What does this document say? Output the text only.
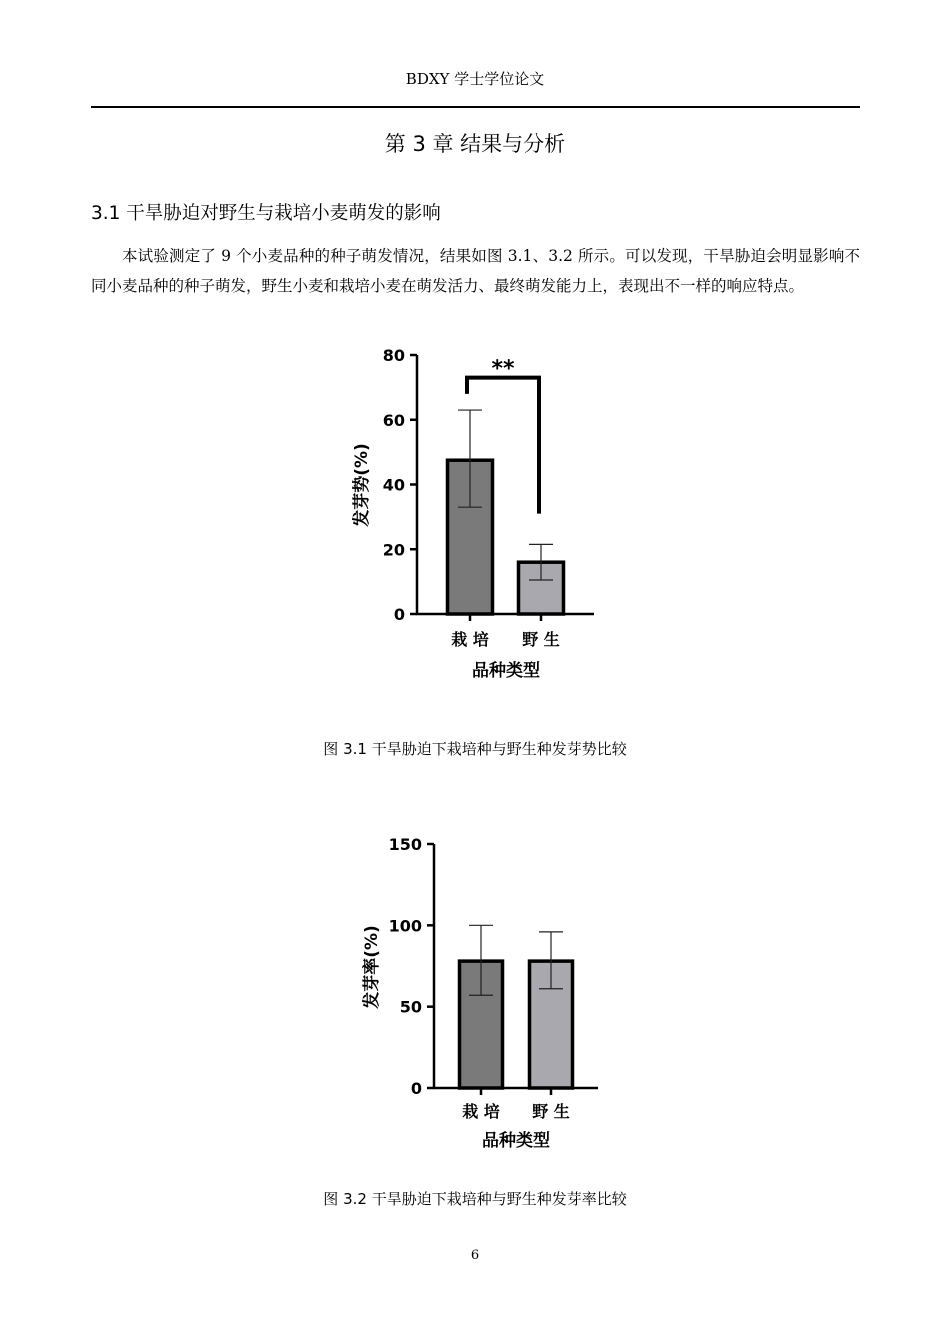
BDXY 学士学位论文
第 3 章 结果与分析
3.1 干旱胁迫对野生与栽培小麦萌发的影响
本试验测定了 9 个小麦品种的种子萌发情况，结果如图 3.1、3.2 所示。可以发现，干旱胁迫会明显影响不同小麦品种的种子萌发，野生小麦和栽培小麦在萌发活力、最终萌发能力上，表现出不一样的响应特点。
0
20
40
60
80
栽 培 野 生
**
发芽势(%)
品种类型
图 3.1 干旱胁迫下栽培种与野生种发芽势比较
0
50
100
150
栽 培 野 生
发芽率(%)
品种类型
图 3.2 干旱胁迫下栽培种与野生种发芽率比较
6
